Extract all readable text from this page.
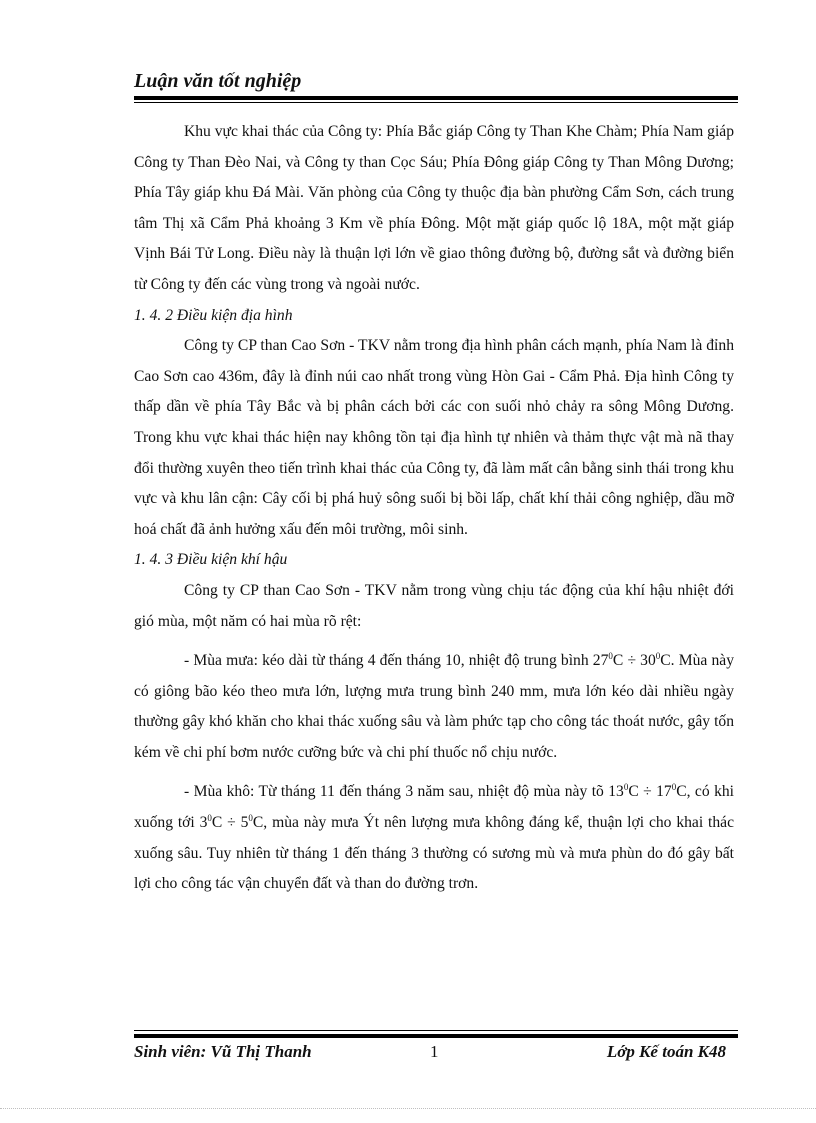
Luận văn tốt nghiệp

Khu vực khai thác của Công ty: Phía Bắc giáp Công ty Than Khe Chàm; Phía Nam giáp Công ty Than Đèo Nai, và Công ty than Cọc Sáu; Phía Đông giáp Công ty Than Mông Dương; Phía Tây giáp khu Đá Mài. Văn phòng của Công ty thuộc địa bàn phường Cẩm Sơn, cách trung tâm Thị xã Cẩm Phả khoảng 3 Km về phía Đông. Một mặt giáp quốc lộ 18A, một mặt giáp Vịnh Bái Tử Long. Điều này là thuận lợi lớn về giao thông đường bộ, đường sắt và đường biển từ Công ty đến các vùng trong và ngoài nước.

1. 4. 2 Điều kiện địa hình

Công ty CP than Cao Sơn - TKV nằm trong địa hình phân cách mạnh, phía Nam là đỉnh Cao Sơn cao 436m, đây là đỉnh núi cao nhất trong vùng Hòn Gai - Cẩm Phả. Địa hình Công ty thấp dần về phía Tây Bắc và bị phân cách bởi các con suối nhỏ chảy ra sông Mông Dương. Trong khu vực khai thác hiện nay không tồn tại địa hình tự nhiên và thảm thực vật mà nã thay đổi thường xuyên theo tiến trình khai thác của Công ty, đã làm mất cân bằng sinh thái trong khu vực và khu lân cận: Cây cối bị phá huỷ sông suối bị bồi lấp, chất khí thải công nghiệp, dầu mỡ hoá chất đã ảnh hưởng xấu đến môi trường, môi sinh.

1. 4. 3 Điều kiện khí hậu

Công ty CP than Cao Sơn - TKV nằm trong vùng chịu tác động của khí hậu nhiệt đới gió mùa, một năm có hai mùa rõ rệt:

- Mùa mưa: kéo dài từ tháng 4 đến tháng 10, nhiệt độ trung bình $27^0C \div 30^0C$. Mùa này có giông bão kéo theo mưa lớn, lượng mưa trung bình 240 mm, mưa lớn kéo dài nhiều ngày thường gây khó khăn cho khai thác xuống sâu và làm phức tạp cho công tác thoát nước, gây tốn kém về chi phí bơm nước cưỡng bức và chi phí thuốc nổ chịu nước.

- Mùa khô: Từ tháng 11 đến tháng 3 năm sau, nhiệt độ mùa này tõ $13^0C \div 17^0C$, có khi xuống tới $3^0C \div 5^0C$, mùa này mưa Ýt nên lượng mưa không đáng kể, thuận lợi cho khai thác xuống sâu. Tuy nhiên từ tháng 1 đến tháng 3 thường có sương mù và mưa phùn do đó gây bất lợi cho công tác vận chuyển đất và than do đường trơn.

Sinh viên: Vũ Thị Thanh	1	Lớp Kế toán K48
